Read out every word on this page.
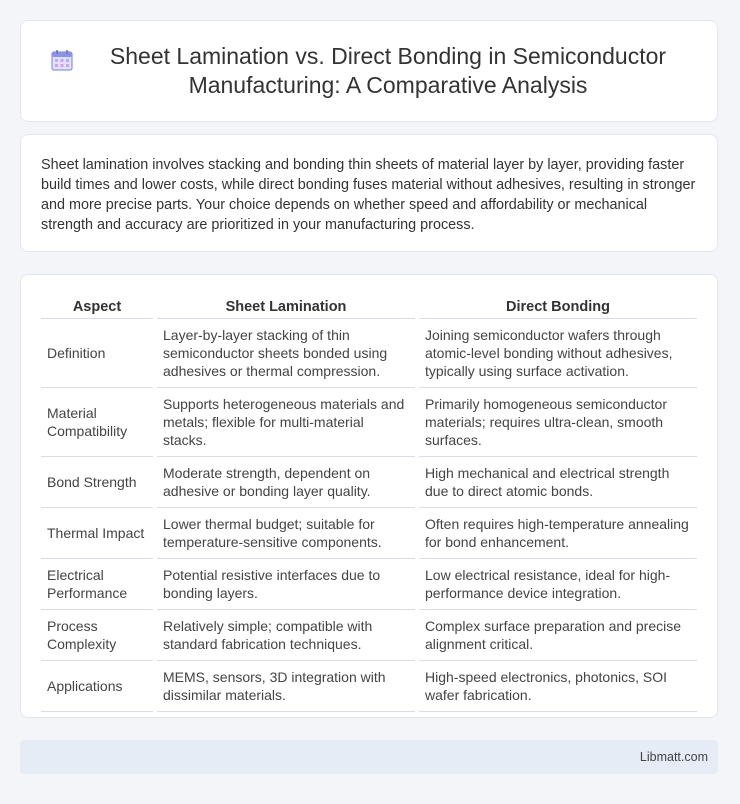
Sheet Lamination vs. Direct Bonding in Semiconductor Manufacturing: A Comparative Analysis

Sheet lamination involves stacking and bonding thin sheets of material layer by layer, providing faster build times and lower costs, while direct bonding fuses material without adhesives, resulting in stronger and more precise parts. Your choice depends on whether speed and affordability or mechanical strength and accuracy are prioritized in your manufacturing process.

Aspect		Sheet Lamination		Direct Bonding
Definition		Layer-by-layer stacking of thin semiconductor sheets bonded using adhesives or thermal compression.		Joining semiconductor wafers through atomic-level bonding without adhesives, typically using surface activation.
Material Compatibility		Supports heterogeneous materials and metals; flexible for multi-material stacks.		Primarily homogeneous semiconductor materials; requires ultra-clean, smooth surfaces.
Bond Strength		Moderate strength, dependent on adhesive or bonding layer quality.		High mechanical and electrical strength due to direct atomic bonds.
Thermal Impact		Lower thermal budget; suitable for temperature-sensitive components.		Often requires high-temperature annealing for bond enhancement.
Electrical Performance		Potential resistive interfaces due to bonding layers.		Low electrical resistance, ideal for high-performance device integration.
Process Complexity		Relatively simple; compatible with standard fabrication techniques.		Complex surface preparation and precise alignment critical.
Applications		MEMS, sensors, 3D integration with dissimilar materials.		High-speed electronics, photonics, SOI wafer fabrication.
Libmatt.com
